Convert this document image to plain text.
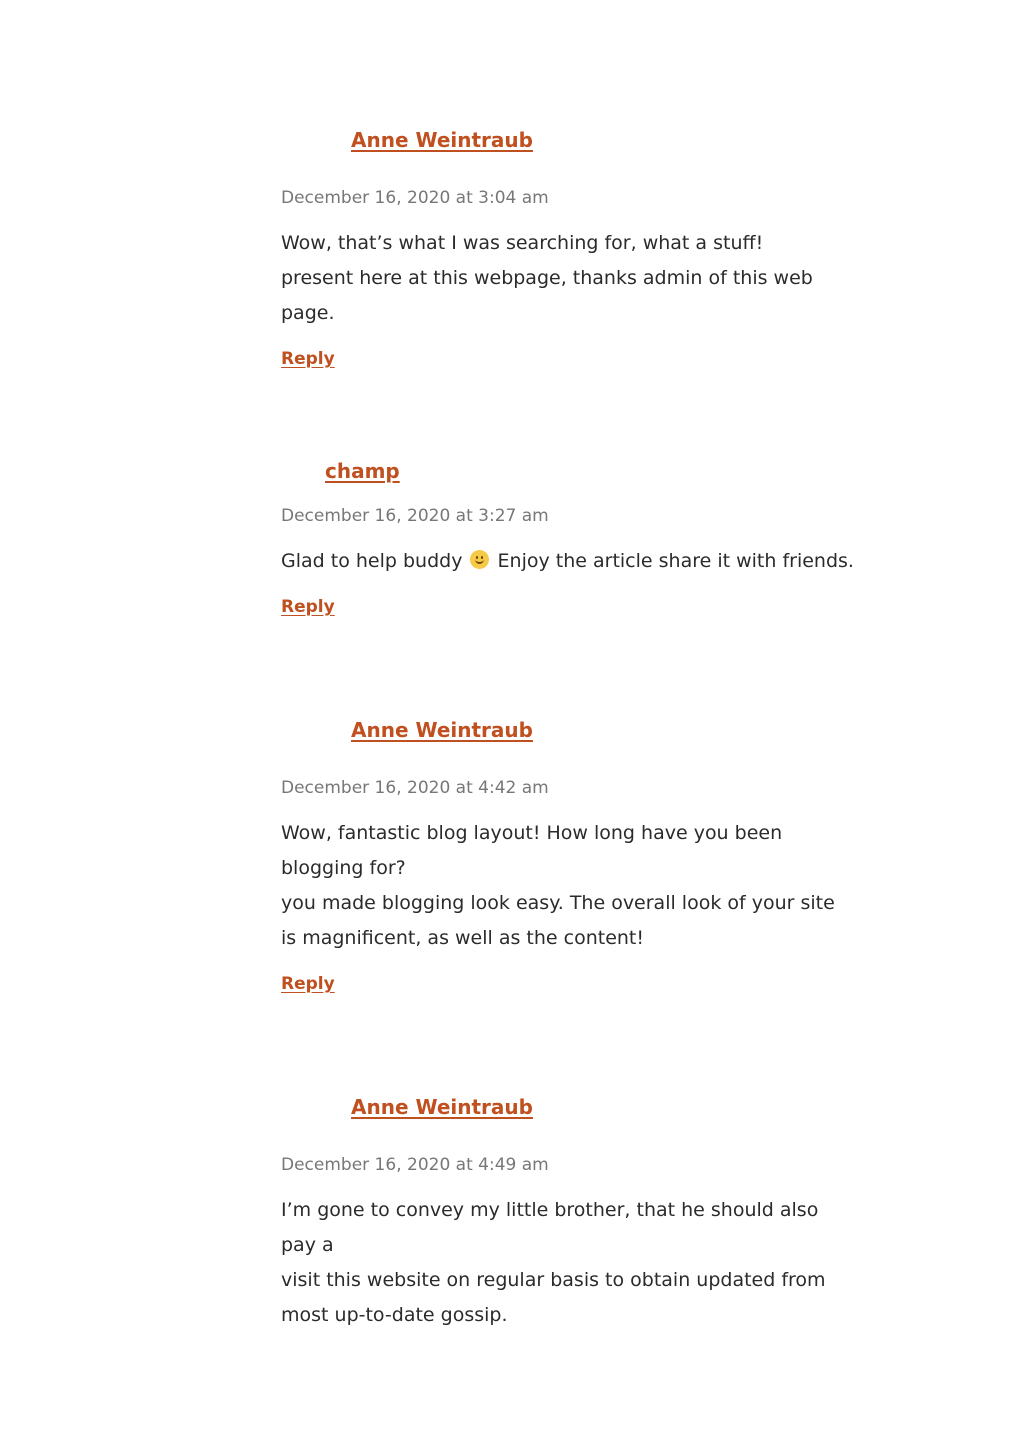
Anne Weintraub
December 16, 2020 at 3:04 am

Wow, that’s what I was searching for, what a stuff!

present here at this webpage, thanks admin of this web

page.

Reply
champ
December 16, 2020 at 3:27 am
Glad to help buddy Enjoy the article share it with friends.
Reply
Anne Weintraub
December 16, 2020 at 4:42 am

Wow, fantastic blog layout! How long have you been

blogging for?

you made blogging look easy. The overall look of your site

is magnificent, as well as the content!

Reply
Anne Weintraub
December 16, 2020 at 4:49 am

I’m gone to convey my little brother, that he should also

pay a

visit this website on regular basis to obtain updated from

most up-to-date gossip.
